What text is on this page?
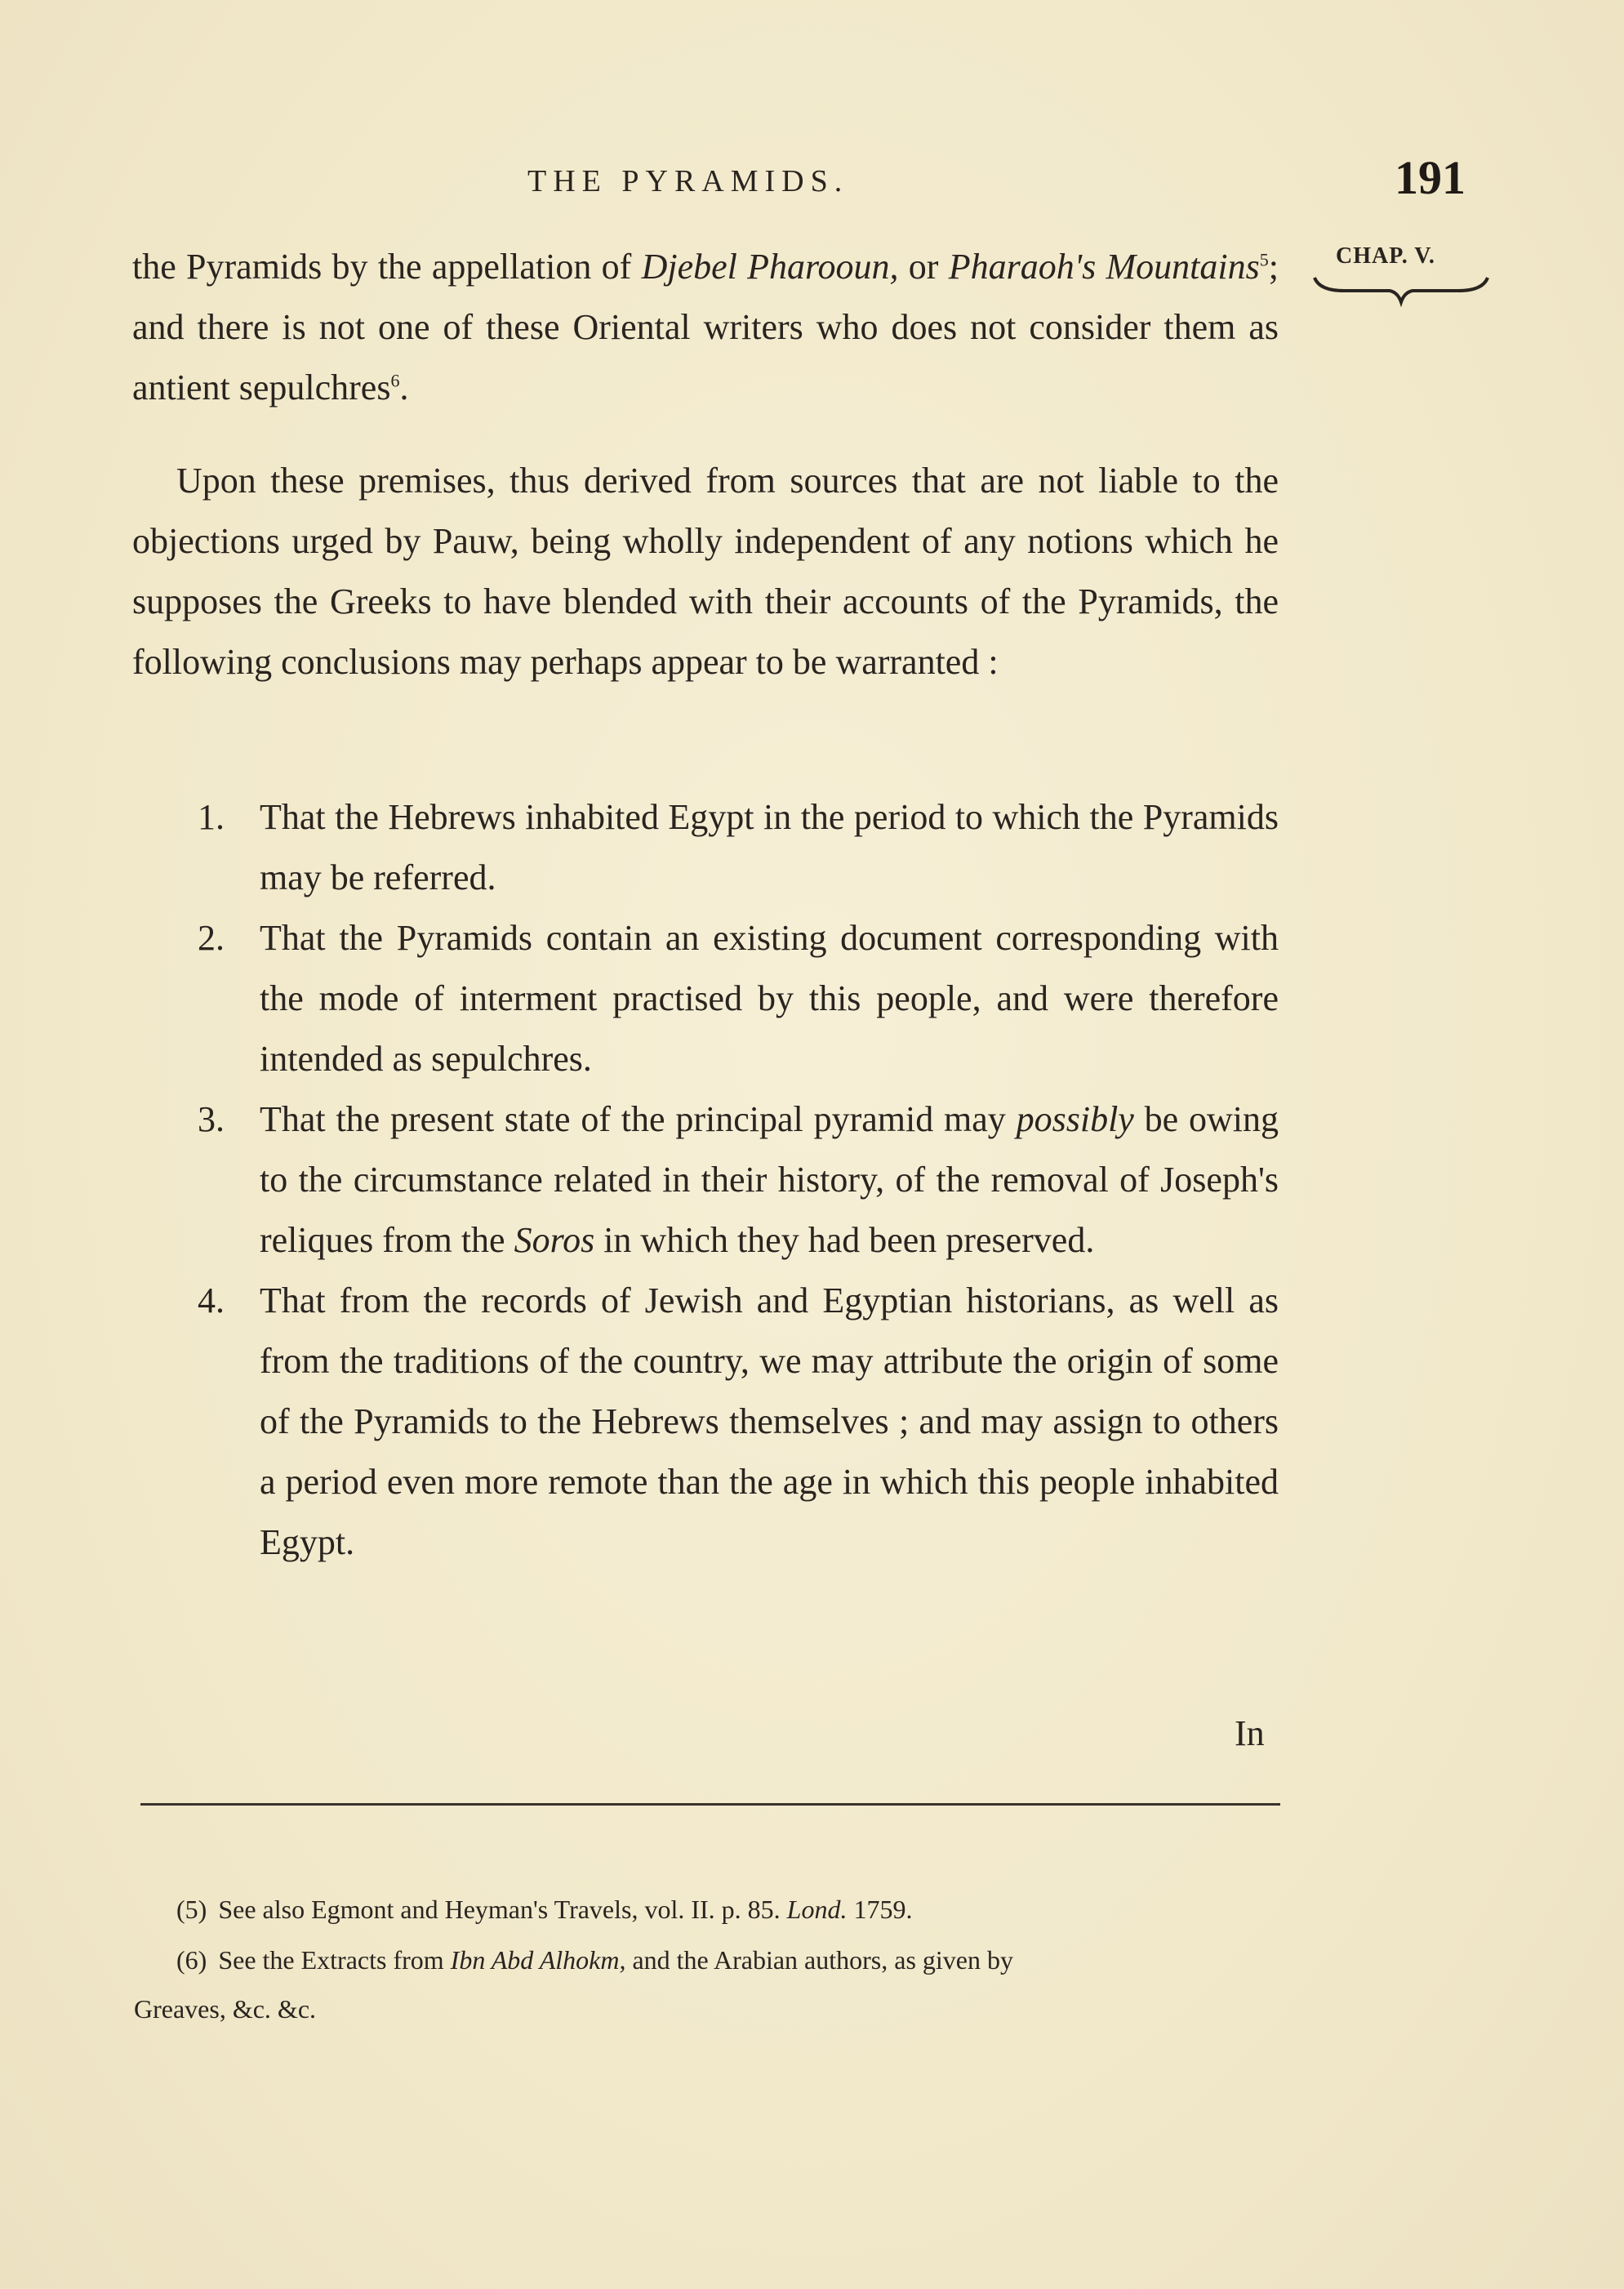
THE PYRAMIDS.	191
CHAP. V.
the Pyramids by the appellation of Djebel Pharooun, or Pharaoh's Mountains$^5$; and there is not one of these Oriental writers who does not consider them as antient sepulchres$^6$.
Upon these premises, thus derived from sources that are not liable to the objections urged by Pauw, being wholly independent of any notions which he supposes the Greeks to have blended with their accounts of the Pyramids, the following conclusions may perhaps appear to be warranted :
1. That the Hebrews inhabited Egypt in the period to which the Pyramids may be referred.
2. That the Pyramids contain an existing document corresponding with the mode of interment practised by this people, and were therefore intended as sepulchres.
3. That the present state of the principal pyramid may possibly be owing to the circumstance related in their history, of the removal of Joseph's reliques from the Soros in which they had been preserved.
4. That from the records of Jewish and Egyptian historians, as well as from the traditions of the country, we may attribute the origin of some of the Pyramids to the Hebrews themselves ; and may assign to others a period even more remote than the age in which this people inhabited Egypt.
In
(5) See also Egmont and Heyman's Travels, vol. II. p. 85. Lond. 1759.
(6) See the Extracts from Ibn Abd Alhokm, and the Arabian authors, as given by
Greaves, &c. &c.
